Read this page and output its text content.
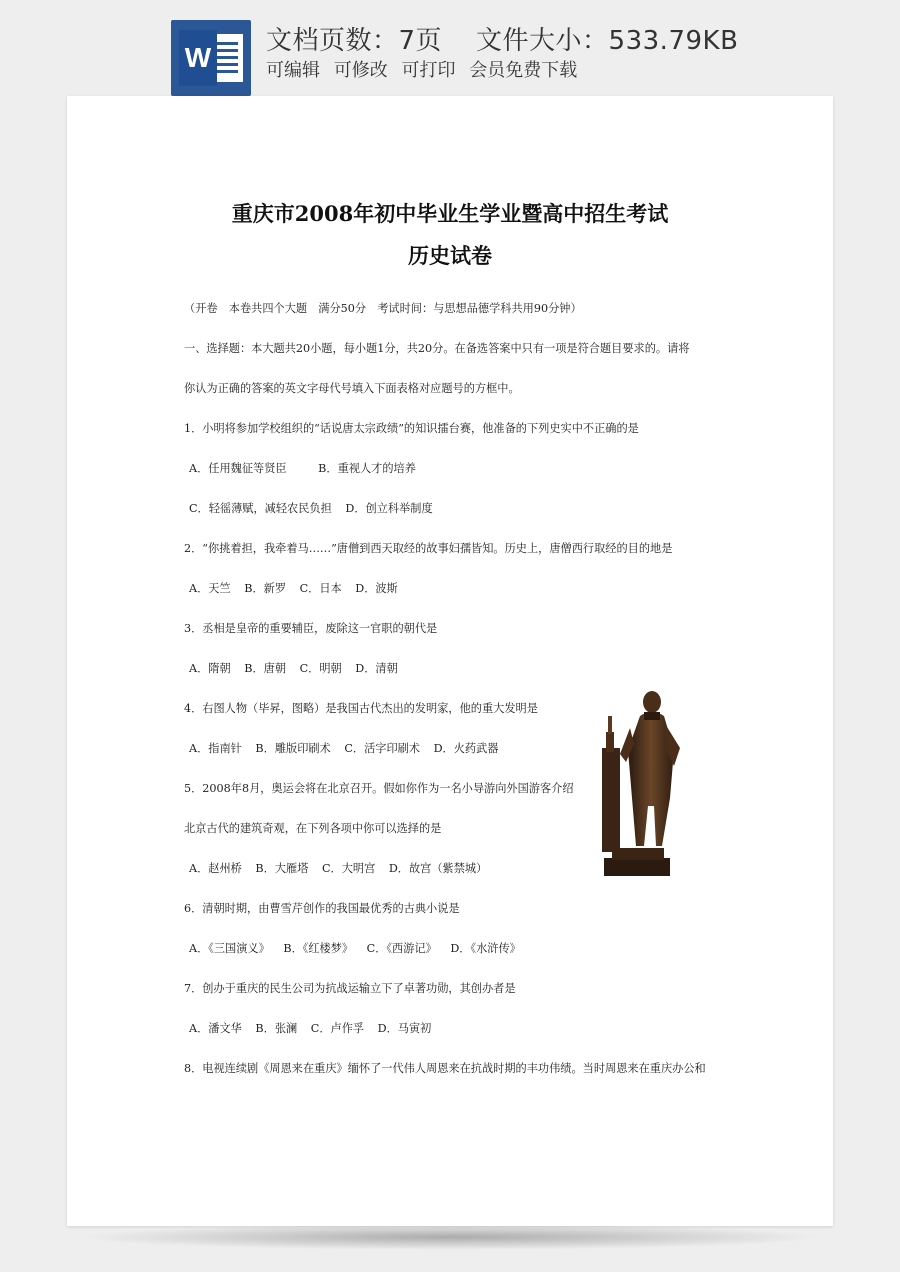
W
文档页数：7页 文件大小：533.79KB
可编辑 可修改 可打印 会员免费下载
重庆市2008年初中毕业生学业暨高中招生考试
历史试卷
（开卷　本卷共四个大题　满分50分　考试时间：与思想品德学科共用90分钟）
一、选择题：本大题共20小题，每小题1分，共20分。在备选答案中只有一项是符合题目要求的。请将
你认为正确的答案的英文字母代号填入下面表格对应题号的方框中。
1．小明将参加学校组织的“话说唐太宗政绩”的知识擂台赛，他准备的下列史实中不正确的是
A．任用魏征等贤臣	B．重视人才的培养
C．轻徭薄赋，减轻农民负担 D．创立科举制度
2．“你挑着担，我牵着马……”唐僧到西天取经的故事妇孺皆知。历史上，唐僧西行取经的目的地是
A．天竺 B．新罗 C．日本 D．波斯
3．丞相是皇帝的重要辅臣，废除这一官职的朝代是
A．隋朝 B．唐朝 C．明朝 D．清朝
4．右图人物（毕昇，图略）是我国古代杰出的发明家，他的重大发明是
A．指南针 B．雕版印刷术 C．活字印刷术 D．火药武器
5．2008年8月，奥运会将在北京召开。假如你作为一名小导游向外国游客介绍
北京古代的建筑奇观，在下列各项中你可以选择的是
A．赵州桥 B．大雁塔 C．大明宫 D．故宫（紫禁城）
6．清朝时期，由曹雪芹创作的我国最优秀的古典小说是
A．《三国演义》 B．《红楼梦》 C．《西游记》 D．《水浒传》
7．创办于重庆的民生公司为抗战运输立下了卓著功勋，其创办者是
A．潘文华 B．张澜 C．卢作孚 D．马寅初
8．电视连续剧《周恩来在重庆》缅怀了一代伟人周恩来在抗战时期的丰功伟绩。当时周恩来在重庆办公和
